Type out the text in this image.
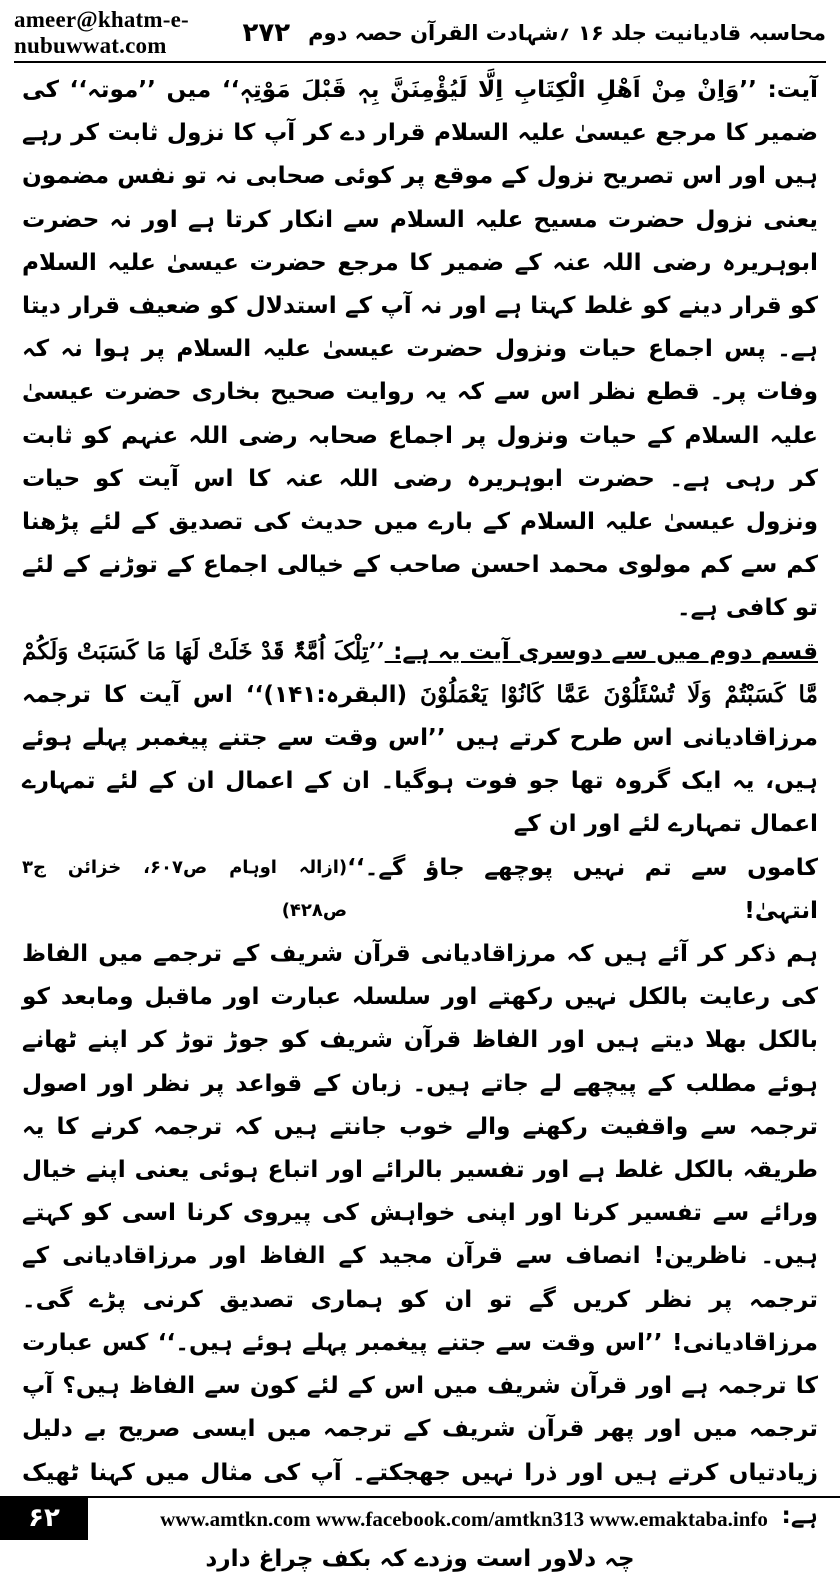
ameer@khatm-e-nubuwwat.com	۲۷۲ محاسبہ قادیانیت جلد ۱۶ ؍شہادت القرآن حصہ دوم

آیت: ’’وَاِنْ مِنْ اَھْلِ الْکِتَابِ اِلَّا لَیُؤْمِنَنَّ بِہٖ قَبْلَ مَوْتِہٖ‘‘ میں ’’موتہ‘‘ کی ضمیر کا مرجع عیسیٰ علیہ السلام قرار دے کر آپ کا نزول ثابت کر رہے ہیں اور اس تصریح نزول کے موقع پر کوئی صحابی نہ تو نفس مضمون یعنی نزول حضرت مسیح علیہ السلام سے انکار کرتا ہے اور نہ حضرت ابوہریرہ رضی اللہ عنہ کے ضمیر کا مرجع حضرت عیسیٰ علیہ السلام کو قرار دینے کو غلط کہتا ہے اور نہ آپ کے استدلال کو ضعیف قرار دیتا ہے۔ پس اجماع حیات ونزول حضرت عیسیٰ علیہ السلام پر ہوا نہ کہ وفات پر۔ قطع نظر اس سے کہ یہ روایت صحیح بخاری حضرت عیسیٰ علیہ السلام کے حیات ونزول پر اجماع صحابہ رضی اللہ عنہم کو ثابت کر رہی ہے۔ حضرت ابوہریرہ رضی اللہ عنہ کا اس آیت کو حیات ونزول عیسیٰ علیہ السلام کے بارے میں حدیث کی تصدیق کے لئے پڑھنا کم سے کم مولوی محمد احسن صاحب کے خیالی اجماع کے توڑنے کے لئے تو کافی ہے۔

قسم دوم میں سے دوسری آیت یہ ہے: ’’تِلْکَ اُمَّۃٌ قَدْ خَلَتْ لَھَا مَا کَسَبَتْ وَلَکُمْ مَّا کَسَبْتُمْ وَلَا تُسْئَلُوْنَ عَمَّا کَانُوْا یَعْمَلُوْنَ (البقرہ:۱۴۱)‘‘ اس آیت کا ترجمہ مرزاقادیانی اس طرح کرتے ہیں ’’اس وقت سے جتنے پیغمبر پہلے ہوئے ہیں، یہ ایک گروہ تھا جو فوت ہوگیا۔ ان کے اعمال ان کے لئے تمہارے اعمال تمہارے لئے اور ان کے

کاموں سے تم نہیں پوچھے جاؤ گے۔‘‘ انتہیٰ!
(ازالہ اوہام ص۶۰۷، خزائن ج۳ ص۴۲۸)

ہم ذکر کر آئے ہیں کہ مرزاقادیانی قرآن شریف کے ترجمے میں الفاظ کی رعایت بالکل نہیں رکھتے اور سلسلہ عبارت اور ماقبل ومابعد کو بالکل بھلا دیتے ہیں اور الفاظ قرآن شریف کو جوڑ توڑ کر اپنے ٹھانے ہوئے مطلب کے پیچھے لے جاتے ہیں۔ زبان کے قواعد پر نظر اور اصول ترجمہ سے واقفیت رکھنے والے خوب جانتے ہیں کہ ترجمہ کرنے کا یہ طریقہ بالکل غلط ہے اور تفسیر بالرائے اور اتباع ہوئی یعنی اپنے خیال ورائے سے تفسیر کرنا اور اپنی خواہش کی پیروی کرنا اسی کو کہتے ہیں۔ ناظرین! انصاف سے قرآن مجید کے الفاظ اور مرزاقادیانی کے ترجمہ پر نظر کریں گے تو ان کو ہماری تصدیق کرنی پڑے گی۔ مرزاقادیانی! ’’اس وقت سے جتنے پیغمبر پہلے ہوئے ہیں۔‘‘ کس عبارت کا ترجمہ ہے اور قرآن شریف میں اس کے لئے کون سے الفاظ ہیں؟ آپ ترجمہ میں اور پھر قرآن شریف کے ترجمہ میں ایسی صریح بے دلیل زیادتیاں کرتے ہیں اور ذرا نہیں جھجکتے۔ آپ کی مثال میں کہنا ٹھیک ہے:

چہ دلاور است وزدے کہ بکف چراغ دارد

۶۲	www.amtkn.com www.facebook.com/amtkn313 www.emaktaba.info
